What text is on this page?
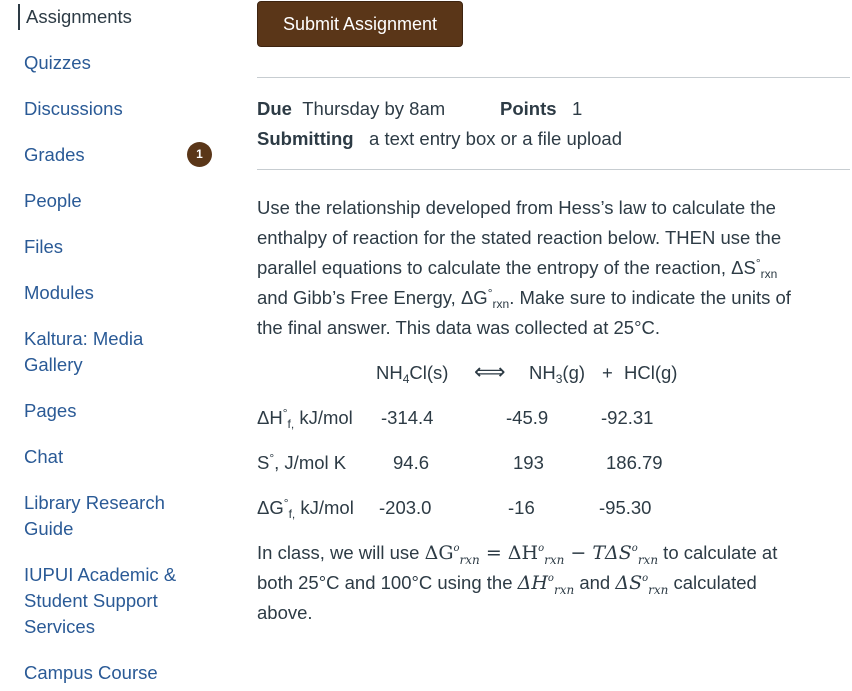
Assignments
Quizzes
Discussions
Grades	1
People
Files
Modules
Kaltura: Media
Gallery
Pages
Chat
Library Research
Guide
IUPUI Academic &
Student Support
Services
Campus Course
Submit Assignment
Due Thursday by 8am	Points 1
Submitting a text entry box or a file upload
Use the relationship developed from Hess’s law to calculate the
enthalpy of reaction for the stated reaction below. THEN use the
parallel equations to calculate the entropy of the reaction, $\Delta S^\circ_{rxn}$
and Gibb’s Free Energy, $\Delta G^\circ_{rxn}$. Make sure to indicate the units of
the final answer. This data was collected at 25°C.
$NH_4Cl(s)$ ⟺ $NH_3(g) + HCl(g)$
$\Delta H^\circ_{f,}$ kJ/mol -314.4	-45.9	-92.31
S°, J/mol K	94.6	193	186.79
$\Delta G^\circ_{f,}$ kJ/mol -203.0	-16	-95.30
In class, we will use $\Delta G^o_{rxn} = \Delta H^o_{rxn} - T\Delta S^o_{rxn}$ to calculate at
both 25°C and 100°C using the $\Delta H^o_{rxn}$ and $\Delta S^o_{rxn}$ calculated
above.
